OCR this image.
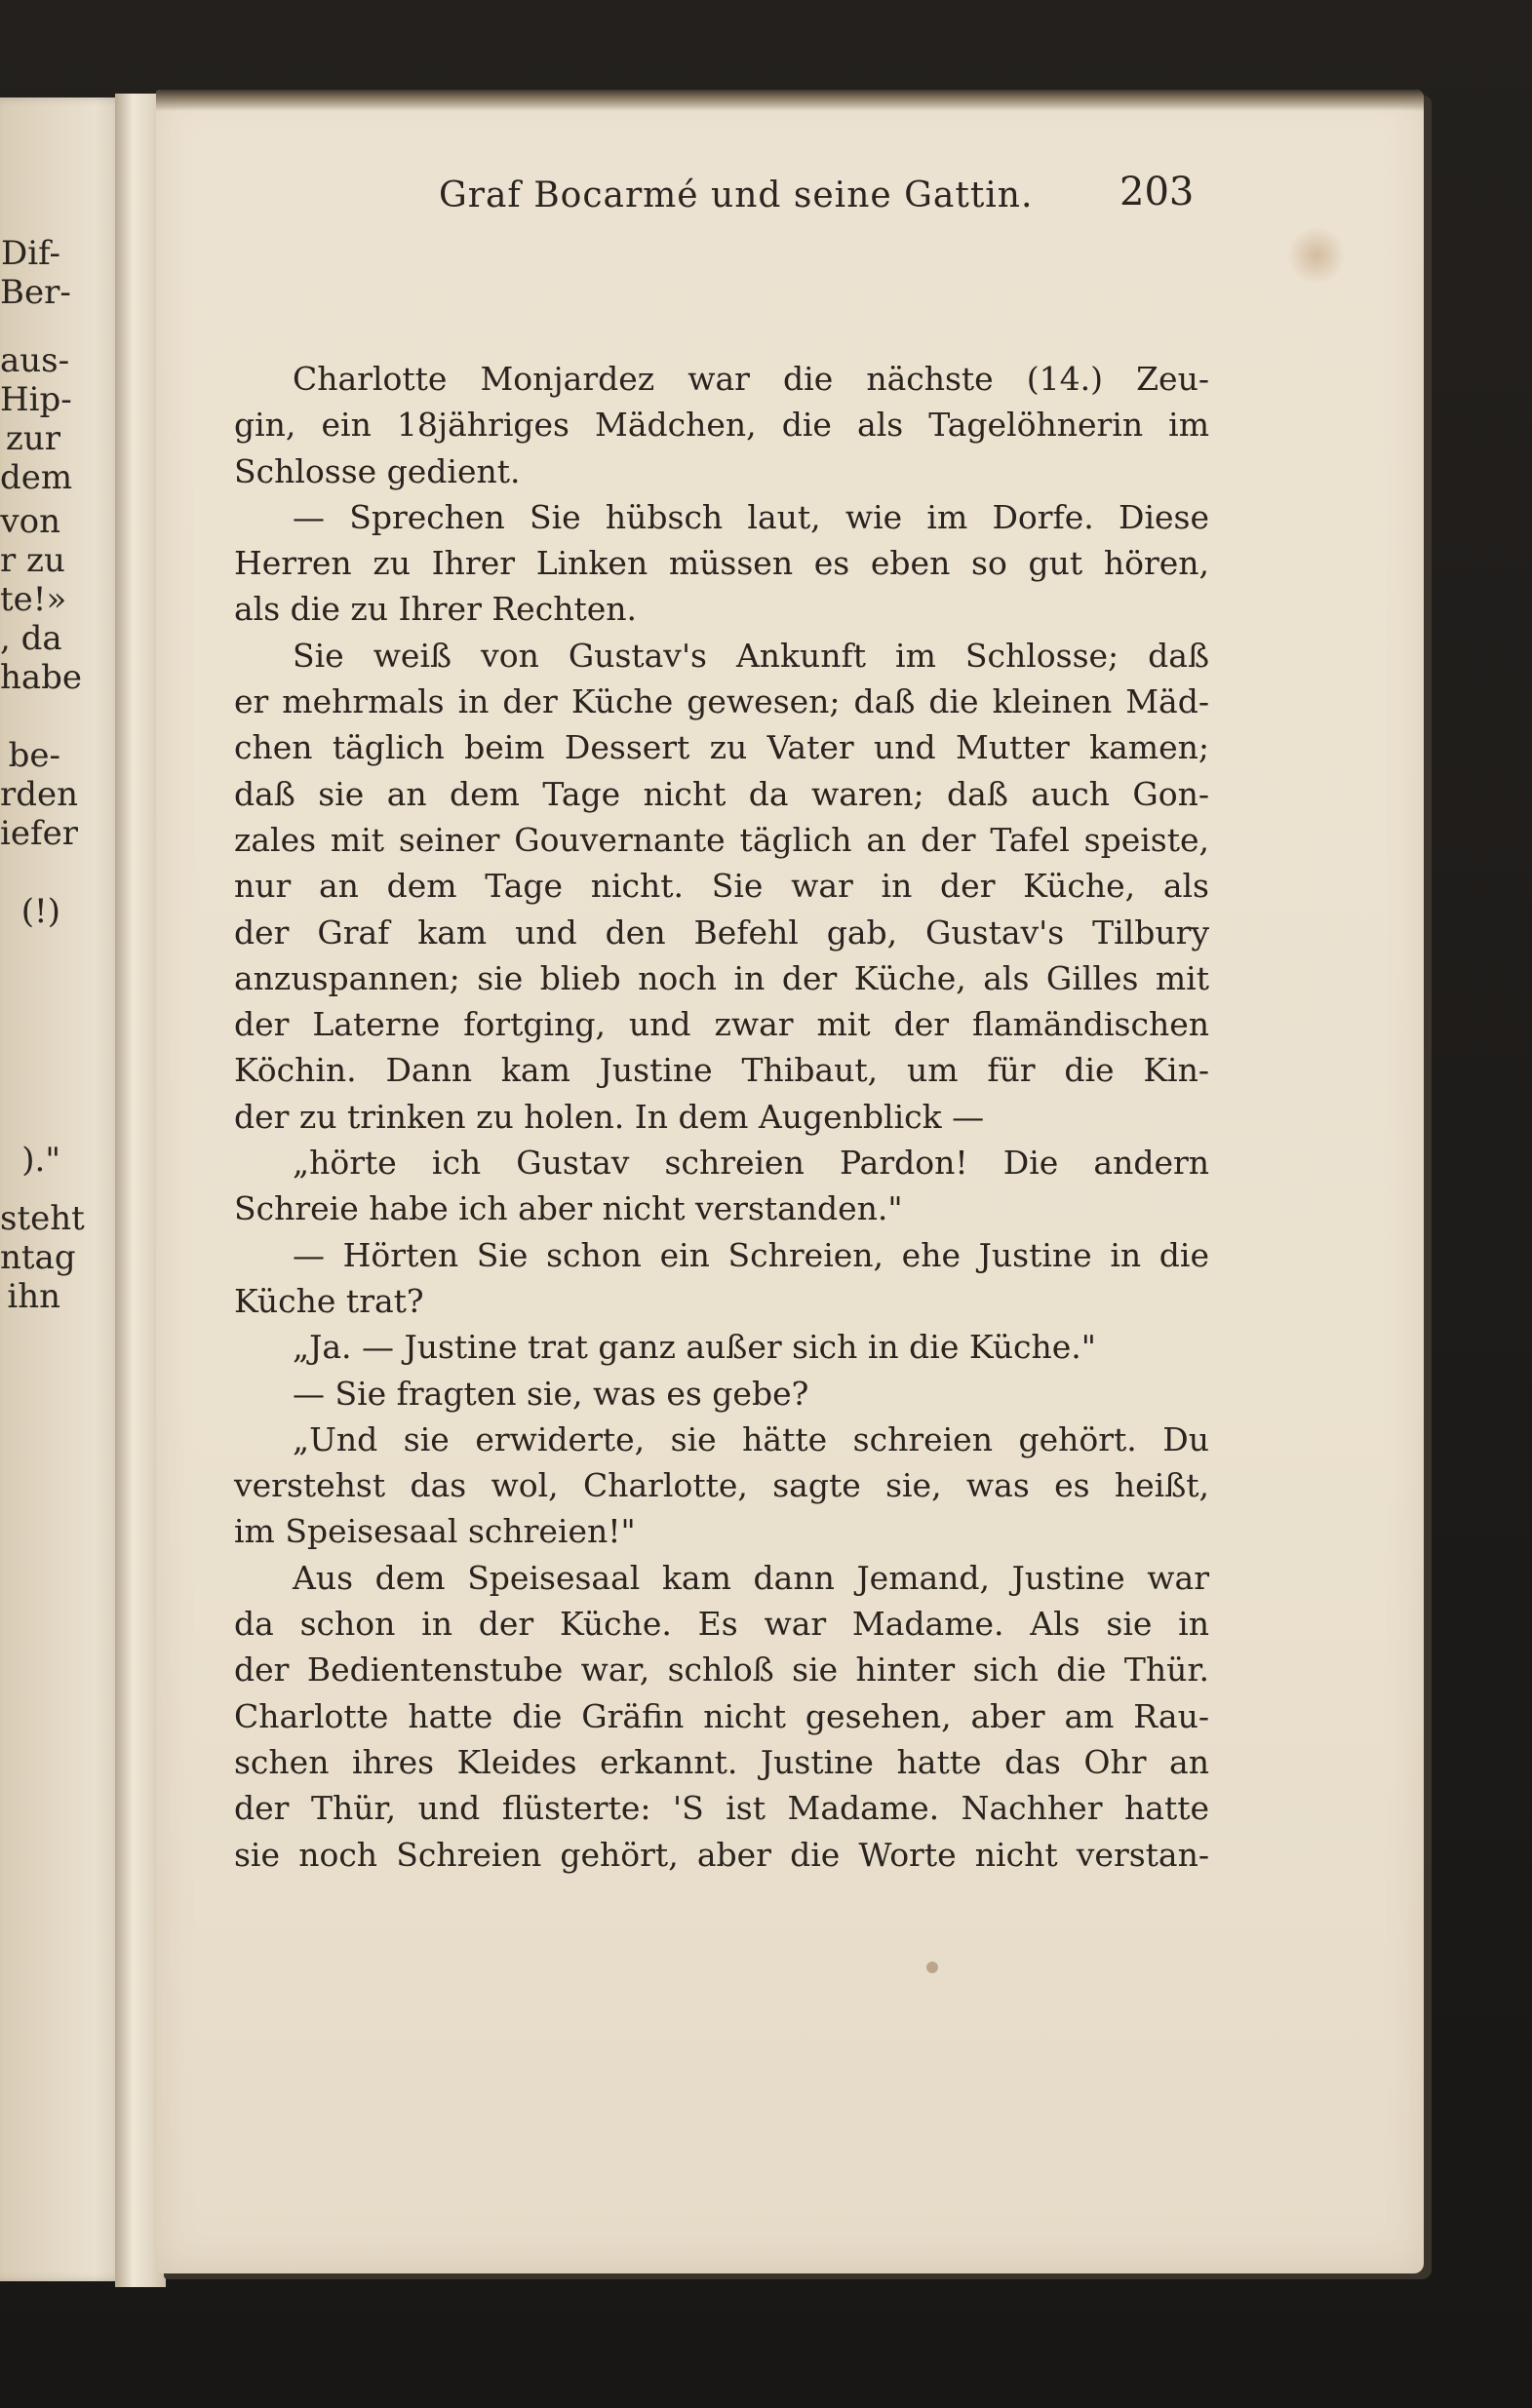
Dif-
Ber-
aus-
Hip-
zur
dem
von
r zu
te!»
, da
habe
be-
rden
iefer
(!)
)."
steht
ntag
ihn
Graf Bocarmé und seine Gattin. 203
Charlotte Monjardez war die nächste (14.) Zeu-
gin, ein 18jähriges Mädchen, die als Tagelöhnerin im
Schlosse gedient.
— Sprechen Sie hübsch laut, wie im Dorfe. Diese
Herren zu Ihrer Linken müssen es eben so gut hören,
als die zu Ihrer Rechten.
Sie weiß von Gustav's Ankunft im Schlosse; daß
er mehrmals in der Küche gewesen; daß die kleinen Mäd-
chen täglich beim Dessert zu Vater und Mutter kamen;
daß sie an dem Tage nicht da waren; daß auch Gon-
zales mit seiner Gouvernante täglich an der Tafel speiste,
nur an dem Tage nicht. Sie war in der Küche, als
der Graf kam und den Befehl gab, Gustav's Tilbury
anzuspannen; sie blieb noch in der Küche, als Gilles mit
der Laterne fortging, und zwar mit der flamändischen
Köchin. Dann kam Justine Thibaut, um für die Kin-
der zu trinken zu holen. In dem Augenblick —
„hörte ich Gustav schreien Pardon! Die andern
Schreie habe ich aber nicht verstanden."
— Hörten Sie schon ein Schreien, ehe Justine in die
Küche trat?
„Ja. — Justine trat ganz außer sich in die Küche."
— Sie fragten sie, was es gebe?
„Und sie erwiderte, sie hätte schreien gehört. Du
verstehst das wol, Charlotte, sagte sie, was es heißt,
im Speisesaal schreien!"
Aus dem Speisesaal kam dann Jemand, Justine war
da schon in der Küche. Es war Madame. Als sie in
der Bedientenstube war, schloß sie hinter sich die Thür.
Charlotte hatte die Gräfin nicht gesehen, aber am Rau-
schen ihres Kleides erkannt. Justine hatte das Ohr an
der Thür, und flüsterte: 'S ist Madame. Nachher hatte
sie noch Schreien gehört, aber die Worte nicht verstan-
